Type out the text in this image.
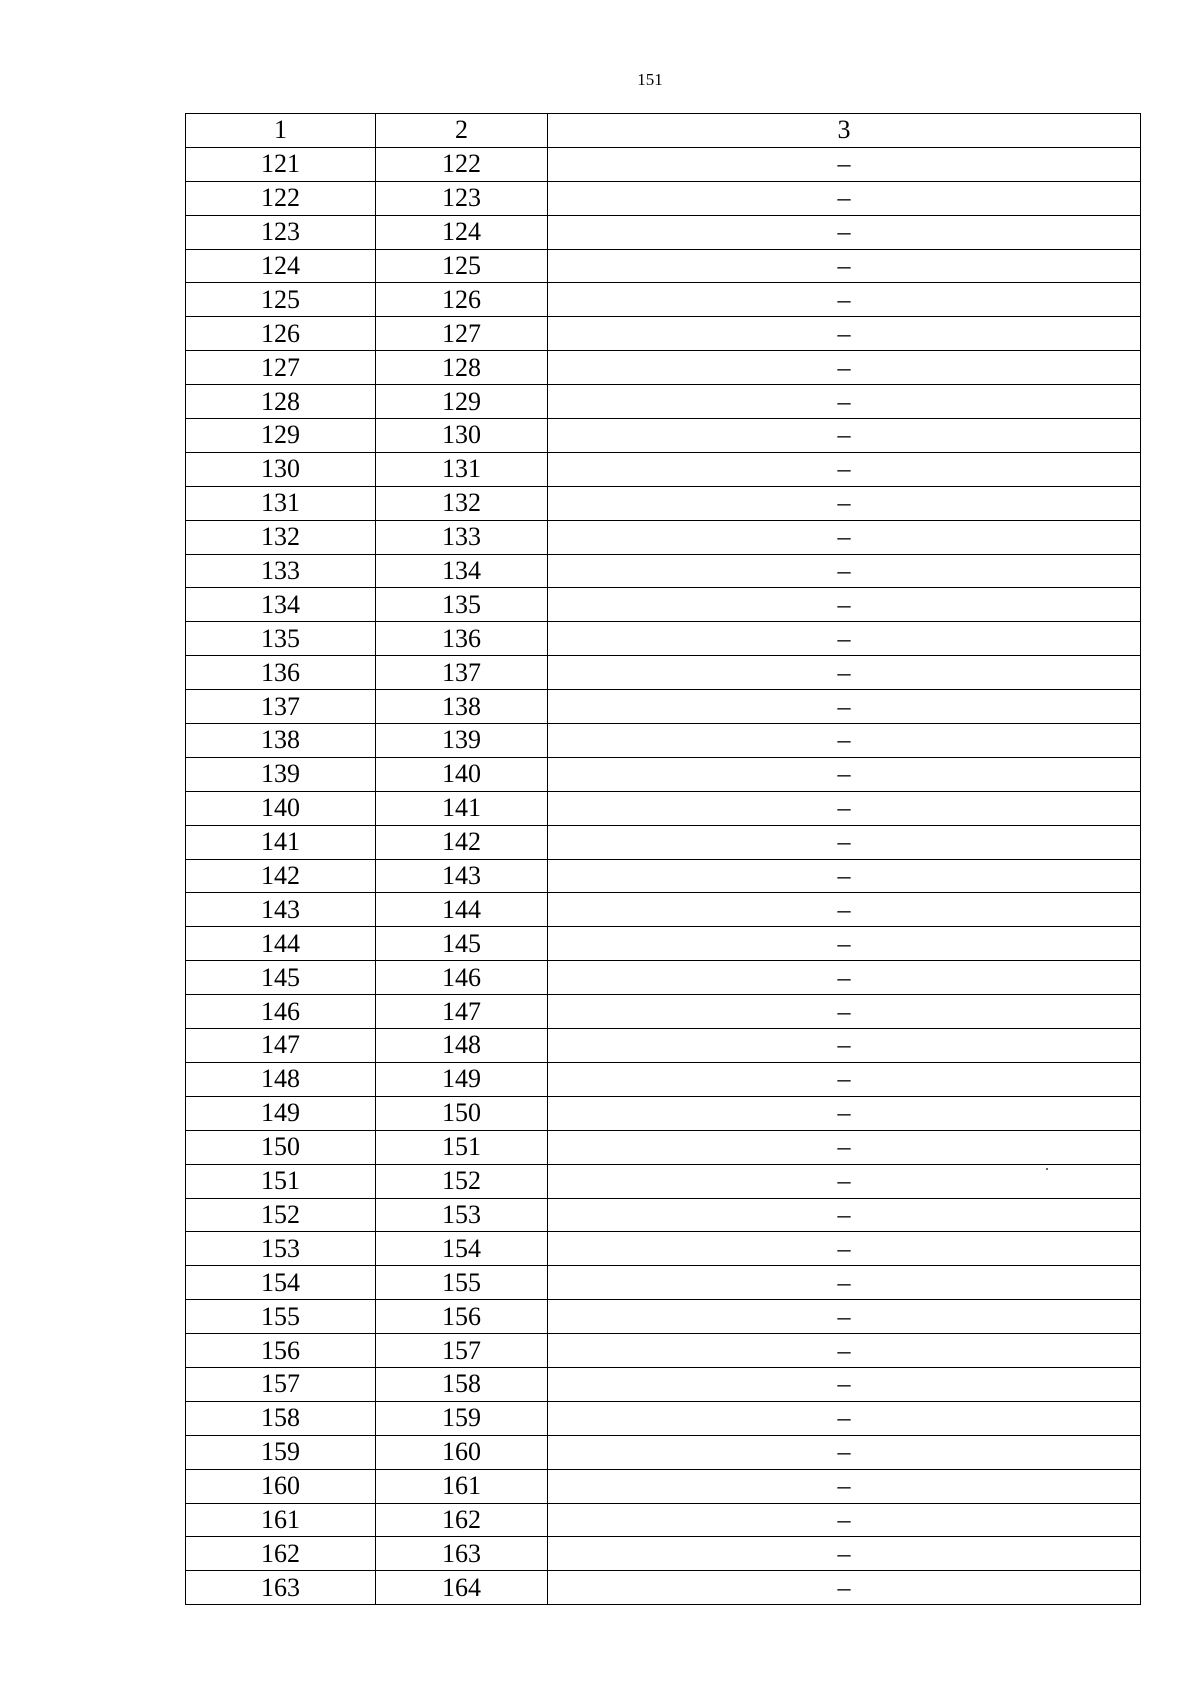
151
1	2	3
121	122	–
122	123	–
123	124	–
124	125	–
125	126	–
126	127	–
127	128	–
128	129	–
129	130	–
130	131	–
131	132	–
132	133	–
133	134	–
134	135	–
135	136	–
136	137	–
137	138	–
138	139	–
139	140	–
140	141	–
141	142	–
142	143	–
143	144	–
144	145	–
145	146	–
146	147	–
147	148	–
148	149	–
149	150	–
150	151	–
151	152	–
152	153	–
153	154	–
154	155	–
155	156	–
156	157	–
157	158	–
158	159	–
159	160	–
160	161	–
161	162	–
162	163	–
163	164	–
